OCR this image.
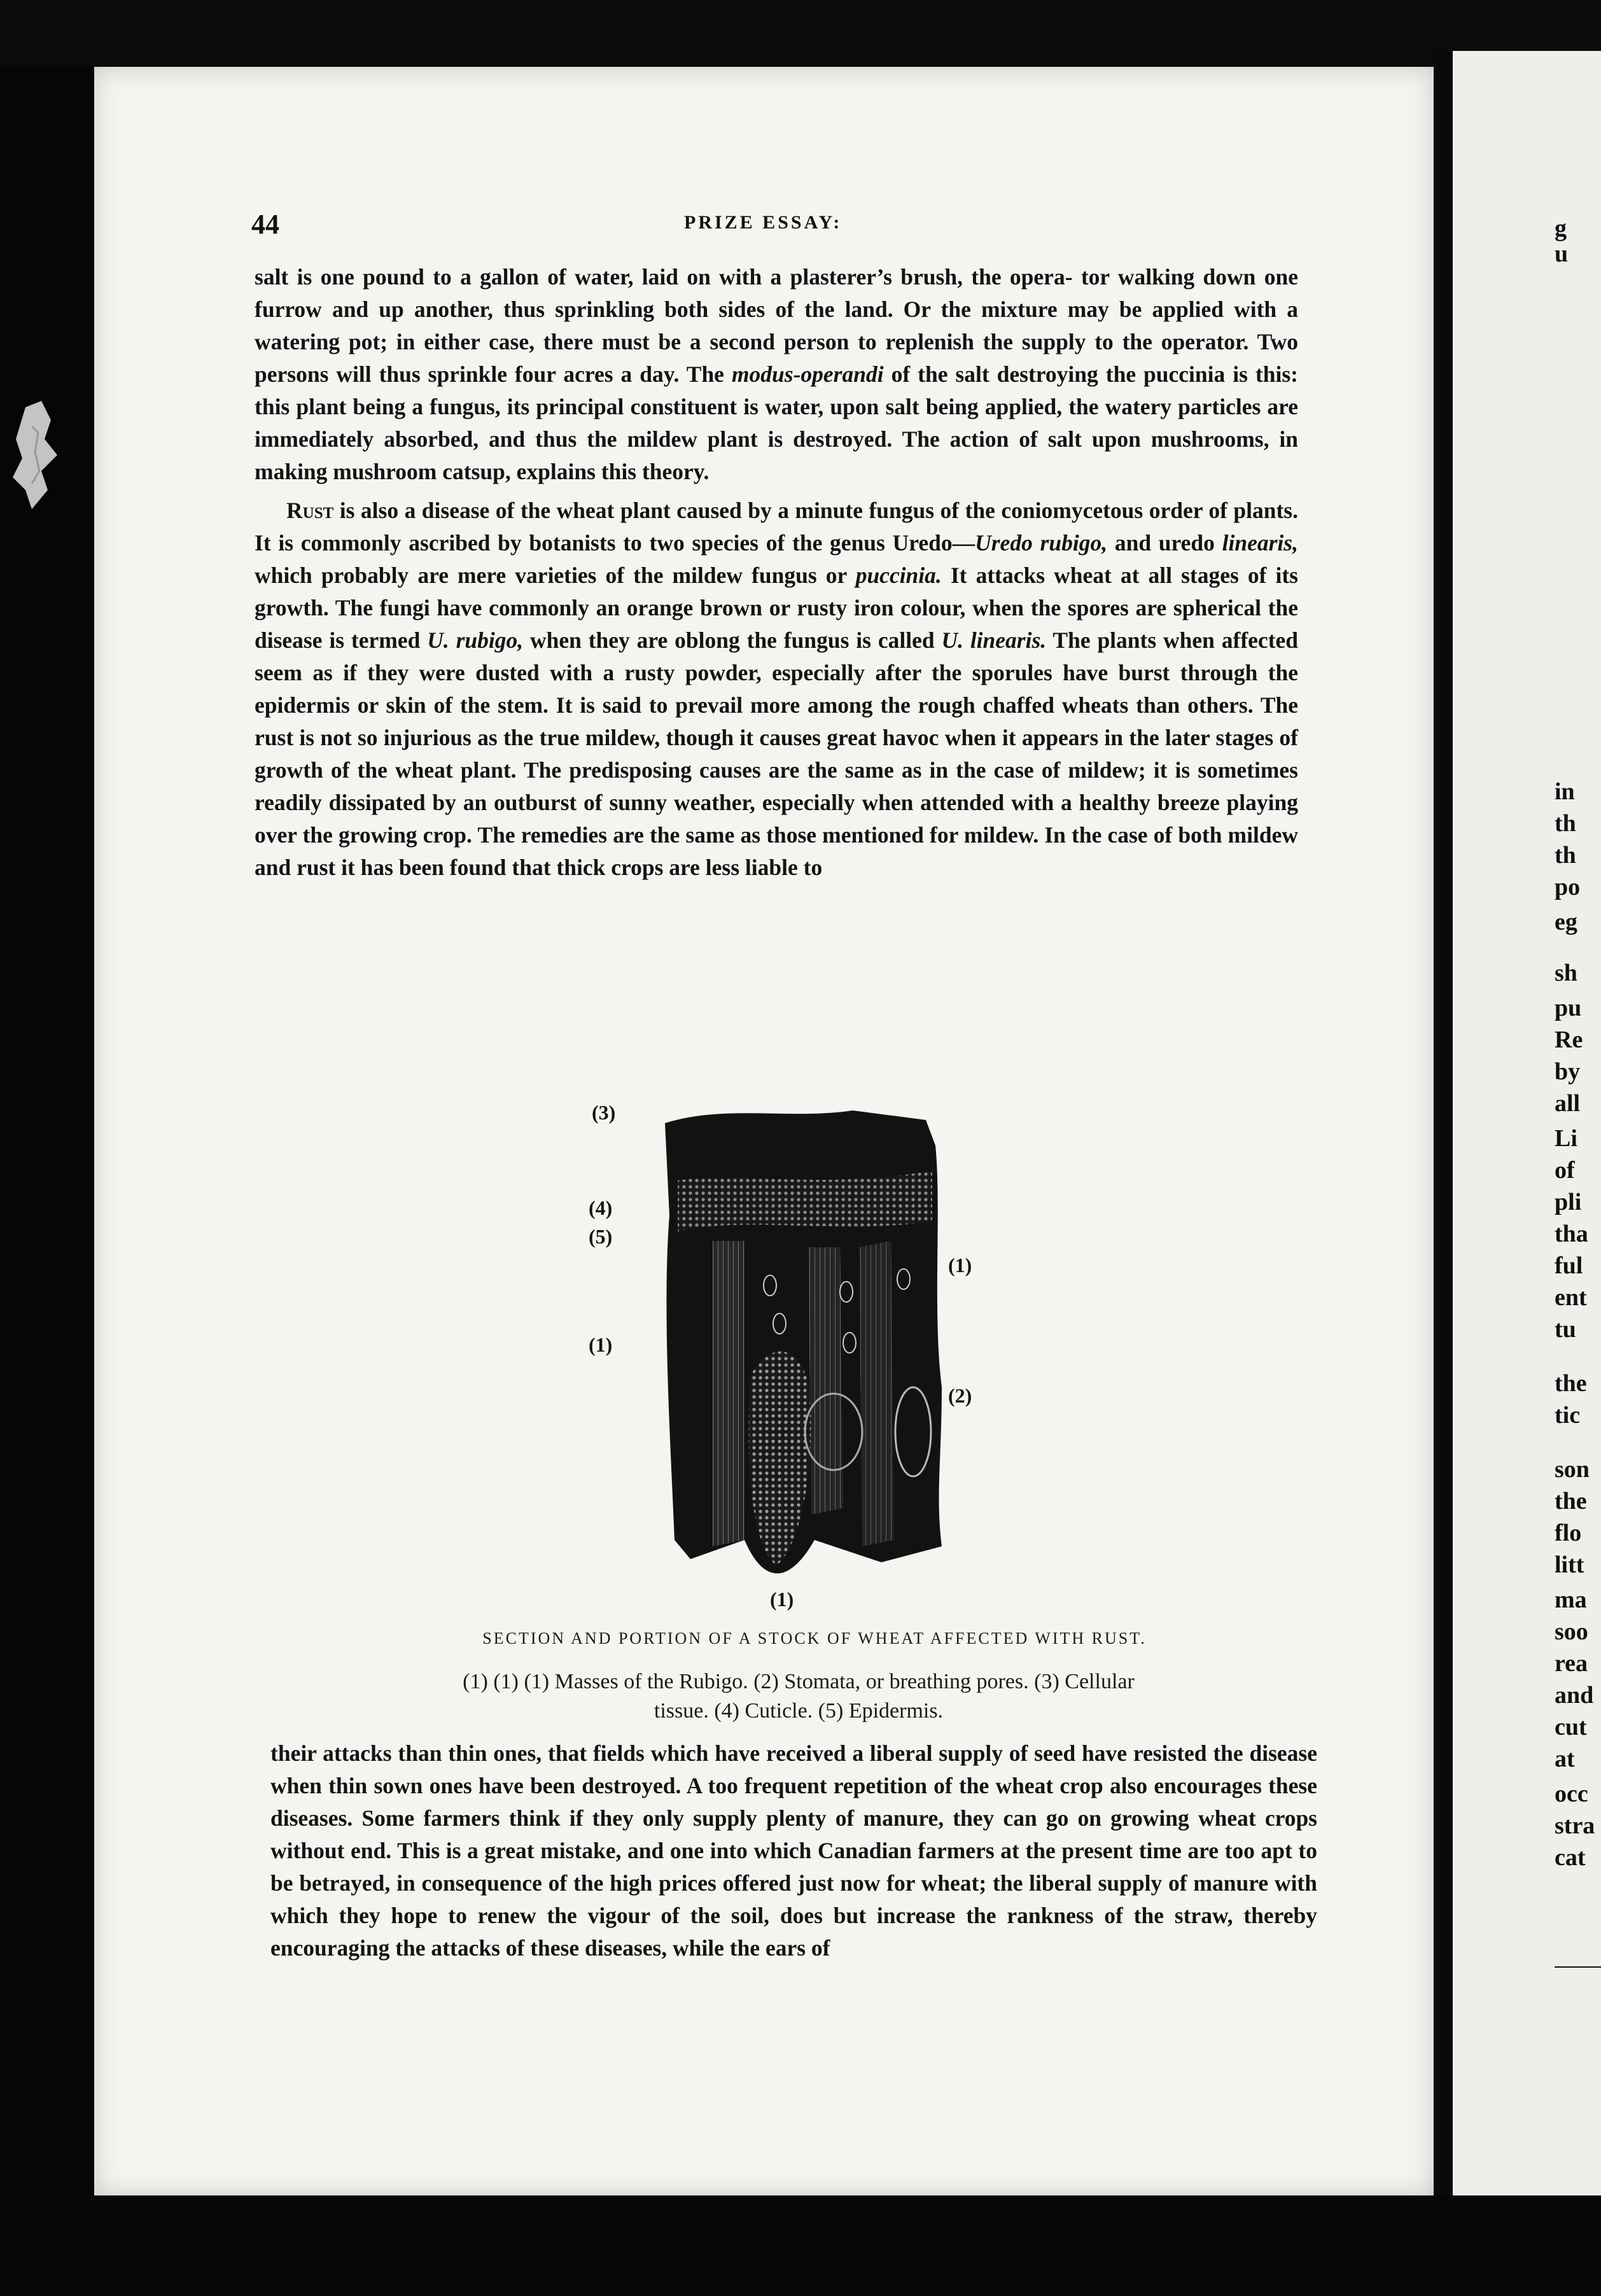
g
u
in
th
th
po
eg
sh
pu
Re
by
all
Li
of
pli
tha
ful
ent
tu
the
tic
son
the
flo
litt
ma
soo
rea
and
cut
at
occ
stra
cat
44	PRIZE ESSAY:

salt is one pound to a gallon of water, laid on with a plasterer’s brush, the opera- tor walking down one furrow and up another, thus sprinkling both sides of the land. Or the mixture may be applied with a watering pot; in either case, there must be a second person to replenish the supply to the operator. Two persons will thus sprinkle four acres a day. The modus-operandi of the salt destroying the puccinia is this: this plant being a fungus, its principal constituent is water, upon salt being applied, the watery particles are immediately absorbed, and thus the mildew plant is destroyed. The action of salt upon mushrooms, in making mushroom catsup, explains this theory.

Rust is also a disease of the wheat plant caused by a minute fungus of the coniomycetous order of plants. It is commonly ascribed by botanists to two species of the genus Uredo—Uredo rubigo, and uredo linearis, which probably are mere varieties of the mildew fungus or puccinia. It attacks wheat at all stages of its growth. The fungi have commonly an orange brown or rusty iron colour, when the spores are spherical the disease is termed U. rubigo, when they are oblong the fungus is called U. linearis. The plants when affected seem as if they were dusted with a rusty powder, especially after the sporules have burst through the epidermis or skin of the stem. It is said to prevail more among the rough chaffed wheats than others. The rust is not so injurious as the true mildew, though it causes great havoc when it appears in the later stages of growth of the wheat plant. The predisposing causes are the same as in the case of mildew; it is sometimes readily dissipated by an outburst of sunny weather, especially when attended with a healthy breeze playing over the growing crop. The remedies are the same as those mentioned for mildew. In the case of both mildew and rust it has been found that thick crops are less liable to

(3)
(4)
(5)
(1)
(1)
(2)
(1)
SECTION AND PORTION OF A STOCK OF WHEAT AFFECTED WITH RUST.
(1) (1) (1) Masses of the Rubigo. (2) Stomata, or breathing pores. (3) Cellular
tissue. (4) Cuticle. (5) Epidermis.

their attacks than thin ones, that fields which have received a liberal supply of seed have resisted the disease when thin sown ones have been destroyed. A too frequent repetition of the wheat crop also encourages these diseases. Some farmers think if they only supply plenty of manure, they can go on growing wheat crops without end. This is a great mistake, and one into which Canadian farmers at the present time are too apt to be betrayed, in consequence of the high prices offered just now for wheat; the liberal supply of manure with which they hope to renew the vigour of the soil, does but increase the rankness of the straw, thereby encouraging the attacks of these diseases, while the ears of
